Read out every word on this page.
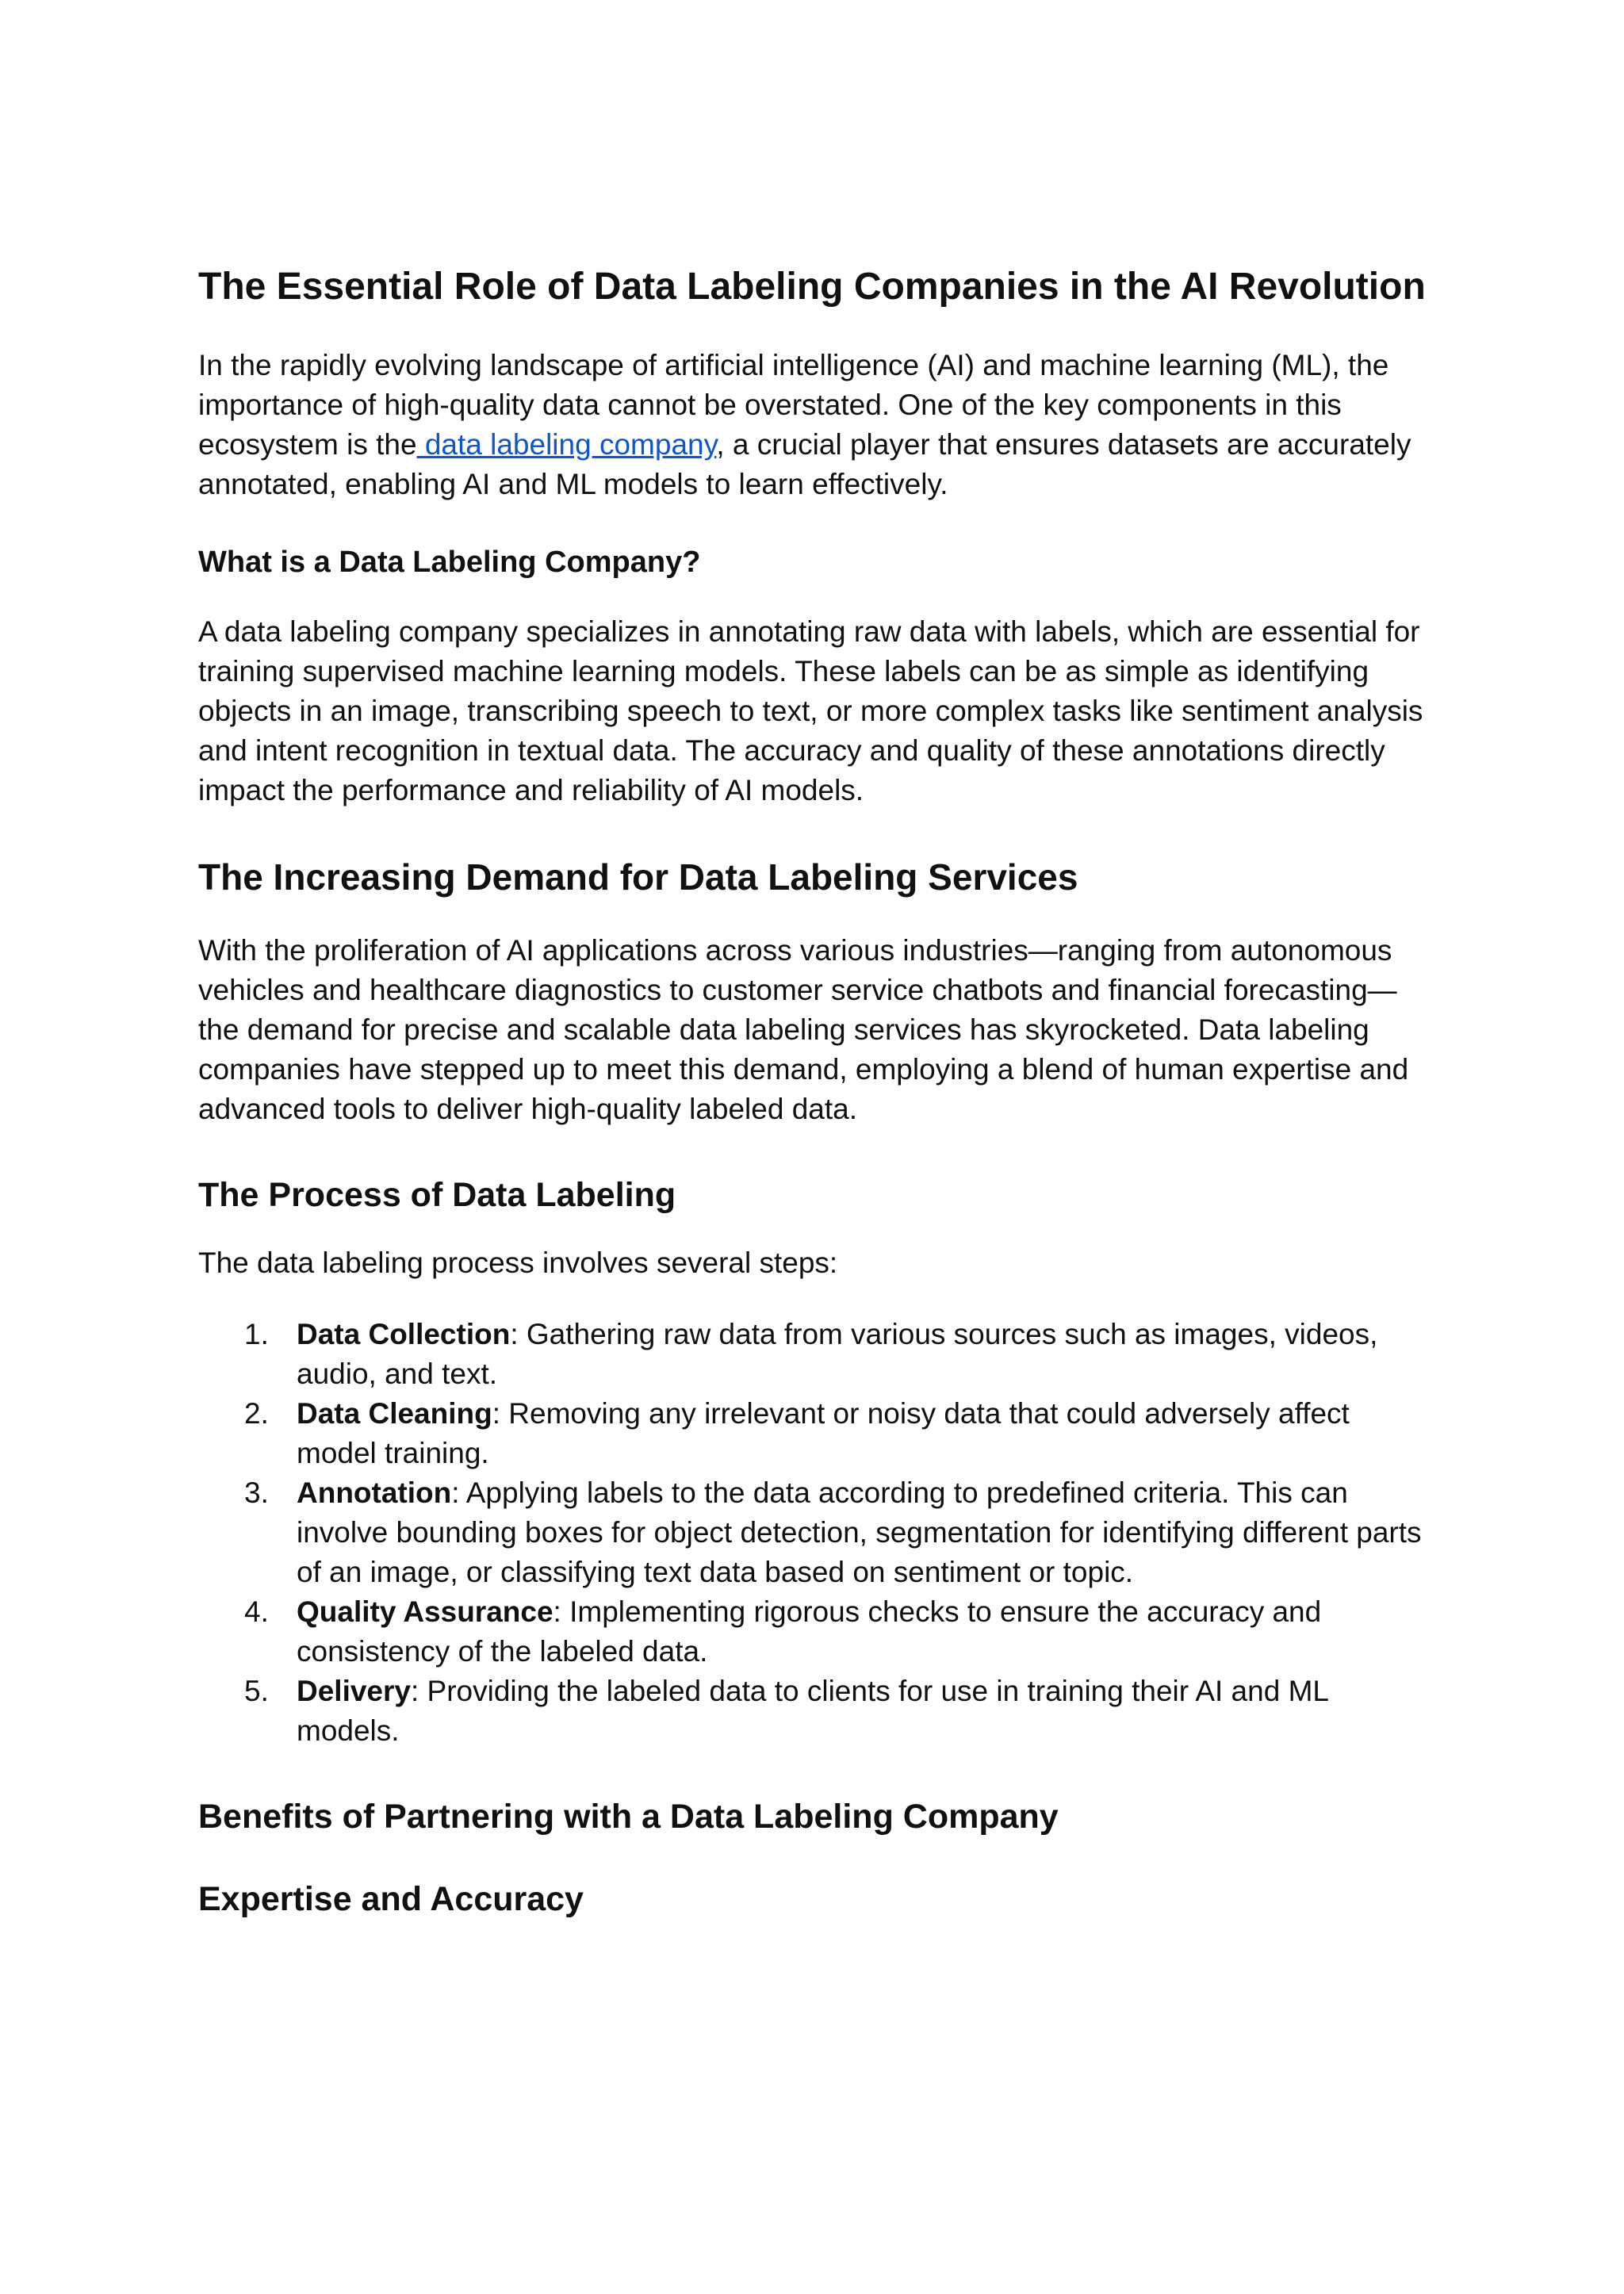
The Essential Role of Data Labeling Companies in the AI Revolution

In the rapidly evolving landscape of artificial intelligence (AI) and machine learning (ML), the importance of high-quality data cannot be overstated. One of the key components in this ecosystem is the data labeling company, a crucial player that ensures datasets are accurately annotated, enabling AI and ML models to learn effectively.

What is a Data Labeling Company?

A data labeling company specializes in annotating raw data with labels, which are essential for training supervised machine learning models. These labels can be as simple as identifying objects in an image, transcribing speech to text, or more complex tasks like sentiment analysis and intent recognition in textual data. The accuracy and quality of these annotations directly impact the performance and reliability of AI models.

The Increasing Demand for Data Labeling Services

With the proliferation of AI applications across various industries—ranging from autonomous vehicles and healthcare diagnostics to customer service chatbots and financial forecasting—the demand for precise and scalable data labeling services has skyrocketed. Data labeling companies have stepped up to meet this demand, employing a blend of human expertise and advanced tools to deliver high-quality labeled data.

The Process of Data Labeling

The data labeling process involves several steps:

1. Data Collection: Gathering raw data from various sources such as images, videos, audio, and text.
2. Data Cleaning: Removing any irrelevant or noisy data that could adversely affect model training.
3. Annotation: Applying labels to the data according to predefined criteria. This can involve bounding boxes for object detection, segmentation for identifying different parts of an image, or classifying text data based on sentiment or topic.
4. Quality Assurance: Implementing rigorous checks to ensure the accuracy and consistency of the labeled data.
5. Delivery: Providing the labeled data to clients for use in training their AI and ML models.
Benefits of Partnering with a Data Labeling Company
Expertise and Accuracy
